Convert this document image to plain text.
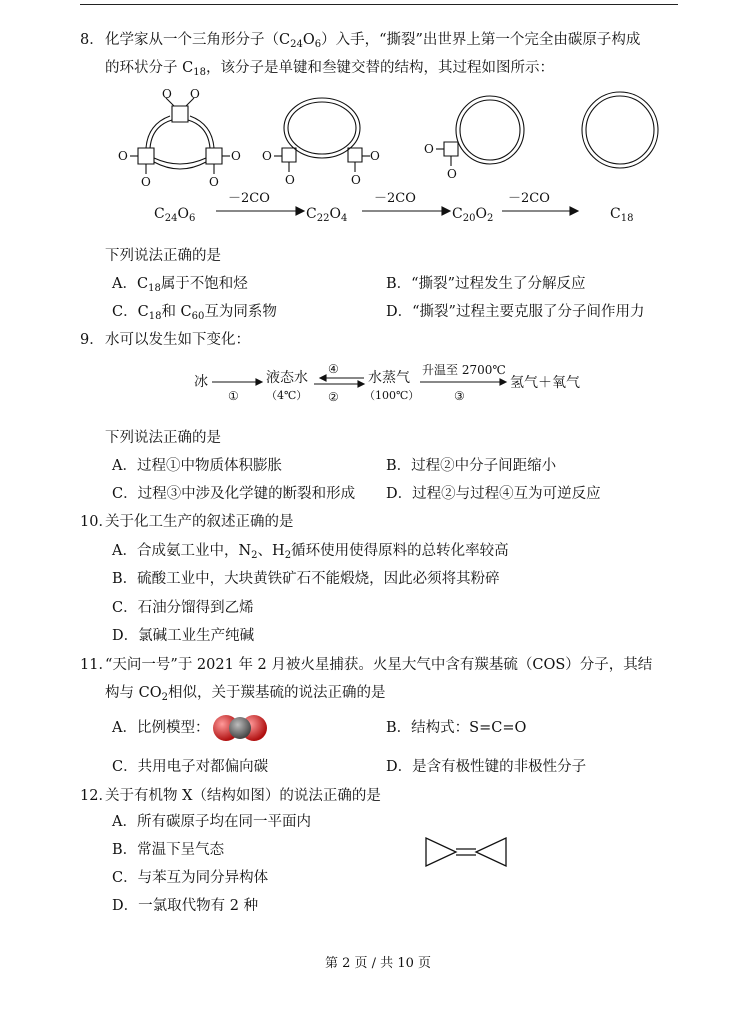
8． 化学家从一个三角形分子$(C_{24}O_6)$入手，“撕裂”出世界上第一个完全由碳原子构成
的环状分子 $C_{18}$，该分子是单键和叁键交替的结构，其过程如图所示：
O O
O
O
O
O
O
O
O
O
O
O
－2CO	－2CO	－2CO
$C_{24}O_6$	$C_{22}O_4$	$C_{20}O_2$	$C_{18}$
下列说法正确的是
A．$C_{18}$属于不饱和烃	B．“撕裂”过程发生了分解反应
C．$C_{18}$和 $C_{60}$互为同系物	D．“撕裂”过程主要克服了分子间作用力
9． 水可以发生如下变化：
冰
①
液态水
（4℃）
④
②
水蒸气
（100℃）
升温至 2700℃
③
氢气＋氧气
下列说法正确的是
A．过程①中物质体积膨胀	B．过程②中分子间距缩小
C．过程③中涉及化学键的断裂和形成 D．过程②与过程④互为可逆反应
10．
关于化工生产的叙述正确的是
A．合成氨工业中，$N_2$、$H_2$循环使用使得原料的总转化率较高
B．硫酸工业中，大块黄铁矿石不能煅烧，因此必须将其粉碎
C．石油分馏得到乙烯
D．氯碱工业生产纯碱
11．
“天问一号”于 2021 年 2 月被火星捕获。火星大气中含有羰基硫（COS）分子，其结
构与 $CO_2$相似，关于羰基硫的说法正确的是
A．比例模型：	B．结构式：S=C=O
C．共用电子对都偏向碳	D．是含有极性键的非极性分子
12．
关于有机物 X（结构如图）的说法正确的是
A．所有碳原子均在同一平面内
B．常温下呈气态
C．与苯互为同分异构体
D．一氯取代物有 2 种
第 2 页 / 共 10 页
